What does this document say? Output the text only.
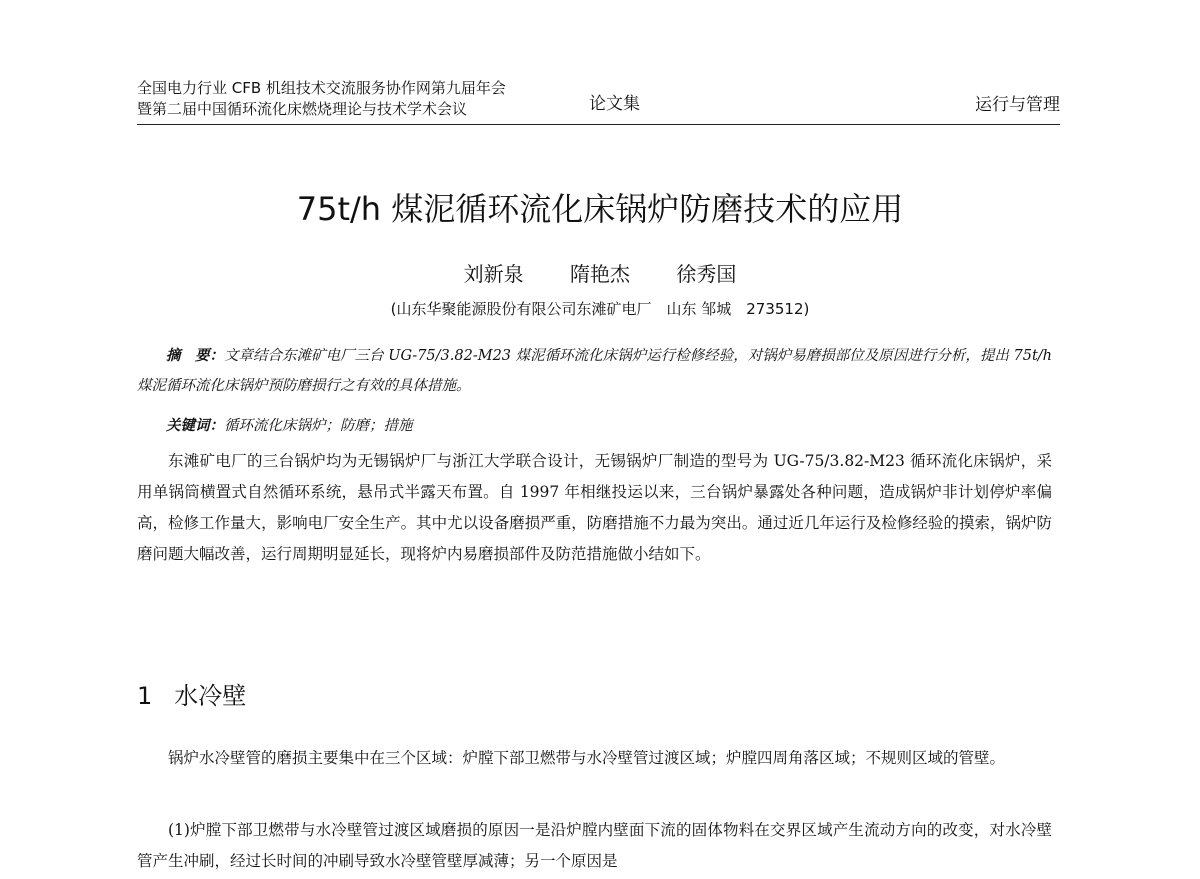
全国电力行业 CFB 机组技术交流服务协作网第九届年会
暨第二届中国循环流化床燃烧理论与技术学术会议	论文集	运行与管理
75t/h 煤泥循环流化床锅炉防磨技术的应用
刘新泉 隋艳杰 徐秀国
(山东华聚能源股份有限公司东滩矿电厂　山东 邹城　273512)
摘　要：文章结合东滩矿电厂三台 UG-75/3.82-M23 煤泥循环流化床锅炉运行检修经验，对锅炉易磨损部位及原因进行分析，提出 75t/h 煤泥循环流化床锅炉预防磨损行之有效的具体措施。
关键词：循环流化床锅炉；防磨；措施
东滩矿电厂的三台锅炉均为无锡锅炉厂与浙江大学联合设计，无锡锅炉厂制造的型号为 UG-75/3.82-M23 循环流化床锅炉，采用单锅筒横置式自然循环系统，悬吊式半露天布置。自 1997 年相继投运以来，三台锅炉暴露处各种问题，造成锅炉非计划停炉率偏高，检修工作量大，影响电厂安全生产。其中尤以设备磨损严重，防磨措施不力最为突出。通过近几年运行及检修经验的摸索，锅炉防磨问题大幅改善，运行周期明显延长，现将炉内易磨损部件及防范措施做小结如下。
1 水冷壁
锅炉水冷壁管的磨损主要集中在三个区域：炉膛下部卫燃带与水冷壁管过渡区域；炉膛四周角落区域；不规则区域的管壁。
(1)炉膛下部卫燃带与水冷壁管过渡区域磨损的原因一是沿炉膛内壁面下流的固体物料在交界区域产生流动方向的改变，对水冷壁管产生冲刷，经过长时间的冲刷导致水冷壁管壁厚减薄；另一个原因是
